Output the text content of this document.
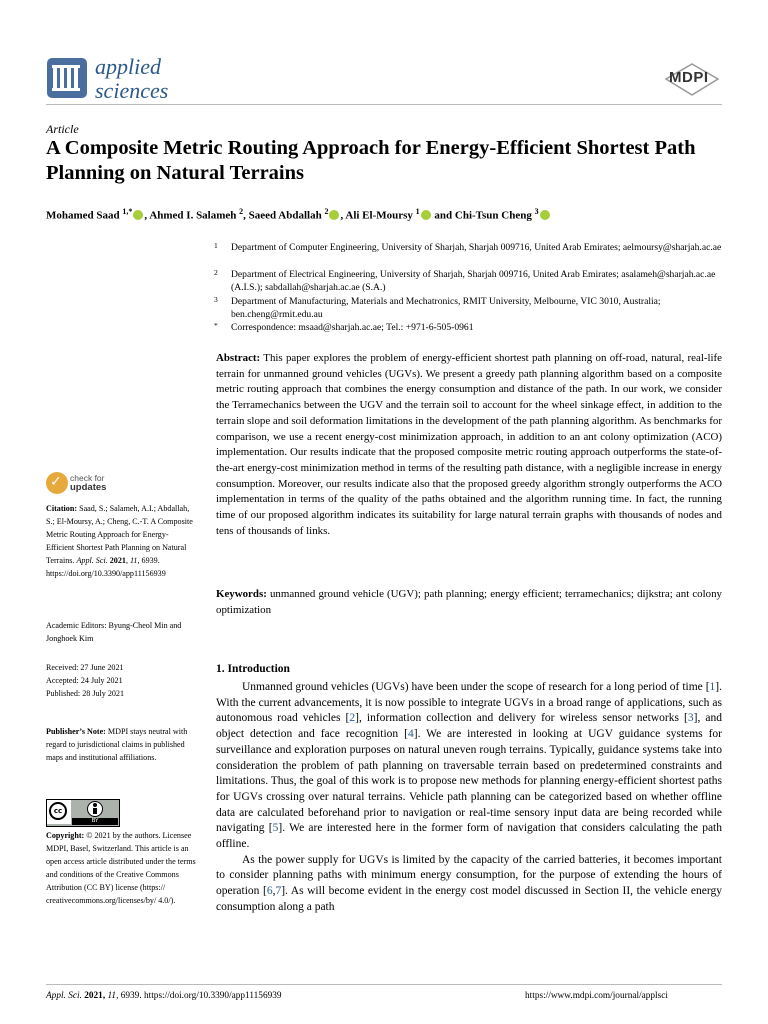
applied
sciences
MDPI
Article
A Composite Metric Routing Approach for Energy-Efficient Shortest Path Planning on Natural Terrains
Mohamed Saad $^{1,*}$ , Ahmed I. Salameh $^2$, Saeed Abdallah $^2$ , Ali El-Moursy $^1$ and Chi-Tsun Cheng $^3$
1 Department of Computer Engineering, University of Sharjah, Sharjah 009716, United Arab Emirates; aelmoursy@sharjah.ac.ae
2 Department of Electrical Engineering, University of Sharjah, Sharjah 009716, United Arab Emirates; asalameh@sharjah.ac.ae (A.I.S.); sabdallah@sharjah.ac.ae (S.A.)
3 Department of Manufacturing, Materials and Mechatronics, RMIT University, Melbourne, VIC 3010, Australia; ben.cheng@rmit.edu.au
* Correspondence: msaad@sharjah.ac.ae; Tel.: +971-6-505-0961
Abstract: This paper explores the problem of energy-efficient shortest path planning on off-road, natural, real-life terrain for unmanned ground vehicles (UGVs). We present a greedy path planning algorithm based on a composite metric routing approach that combines the energy consumption and distance of the path. In our work, we consider the Terramechanics between the UGV and the terrain soil to account for the wheel sinkage effect, in addition to the terrain slope and soil deformation limitations in the development of the path planning algorithm. As benchmarks for comparison, we use a recent energy-cost minimization approach, in addition to an ant colony optimization (ACO) implementation. Our results indicate that the proposed composite metric routing approach outperforms the state-of-the-art energy-cost minimization method in terms of the resulting path distance, with a negligible increase in energy consumption. Moreover, our results indicate also that the proposed greedy algorithm strongly outperforms the ACO implementation in terms of the quality of the paths obtained and the algorithm running time. In fact, the running time of our proposed algorithm indicates its suitability for large natural terrain graphs with thousands of nodes and tens of thousands of links.
Keywords: unmanned ground vehicle (UGV); path planning; energy efficient; terramechanics; dijkstra; ant colony optimization
✓ check for
updates
Citation: Saad, S.; Salameh, A.I.; Abdallah, S.; El-Moursy, A.; Cheng, C.-T. A Composite Metric Routing Approach for Energy-Efficient Shortest Path Planning on Natural Terrains. Appl. Sci. 2021, 11, 6939. https://doi.org/10.3390/app11156939
Academic Editors: Byung-Cheol Min and Jonghoek Kim
Received: 27 June 2021
Accepted: 24 July 2021
Published: 28 July 2021
Publisher’s Note: MDPI stays neutral with regard to jurisdictional claims in published maps and institutional affiliations.
cc
BY
Copyright: © 2021 by the authors. Licensee MDPI, Basel, Switzerland. This article is an open access article distributed under the terms and conditions of the Creative Commons Attribution (CC BY) license (https:// creativecommons.org/licenses/by/ 4.0/).
1. Introduction

Unmanned ground vehicles (UGVs) have been under the scope of research for a long period of time [1]. With the current advancements, it is now possible to integrate UGVs in a broad range of applications, such as autonomous road vehicles [2], information collection and delivery for wireless sensor networks [3], and object detection and face recognition [4]. We are interested in looking at UGV guidance systems for surveillance and exploration purposes on natural uneven rough terrains. Typically, guidance systems take into consideration the problem of path planning on traversable terrain based on predetermined constraints and limitations. Thus, the goal of this work is to propose new methods for planning energy-efficient shortest paths for UGVs crossing over natural terrains. Vehicle path planning can be categorized based on whether offline data are calculated beforehand prior to navigation or real-time sensory input data are being recorded while navigating [5]. We are interested here in the former form of navigation that considers calculating the path offline.

As the power supply for UGVs is limited by the capacity of the carried batteries, it becomes important to consider planning paths with minimum energy consumption, for the purpose of extending the hours of operation [6,7]. As will become evident in the energy cost model discussed in Section II, the vehicle energy consumption along a path

Appl. Sci. 2021, 11, 6939. https://doi.org/10.3390/app11156939	https://www.mdpi.com/journal/applsci
